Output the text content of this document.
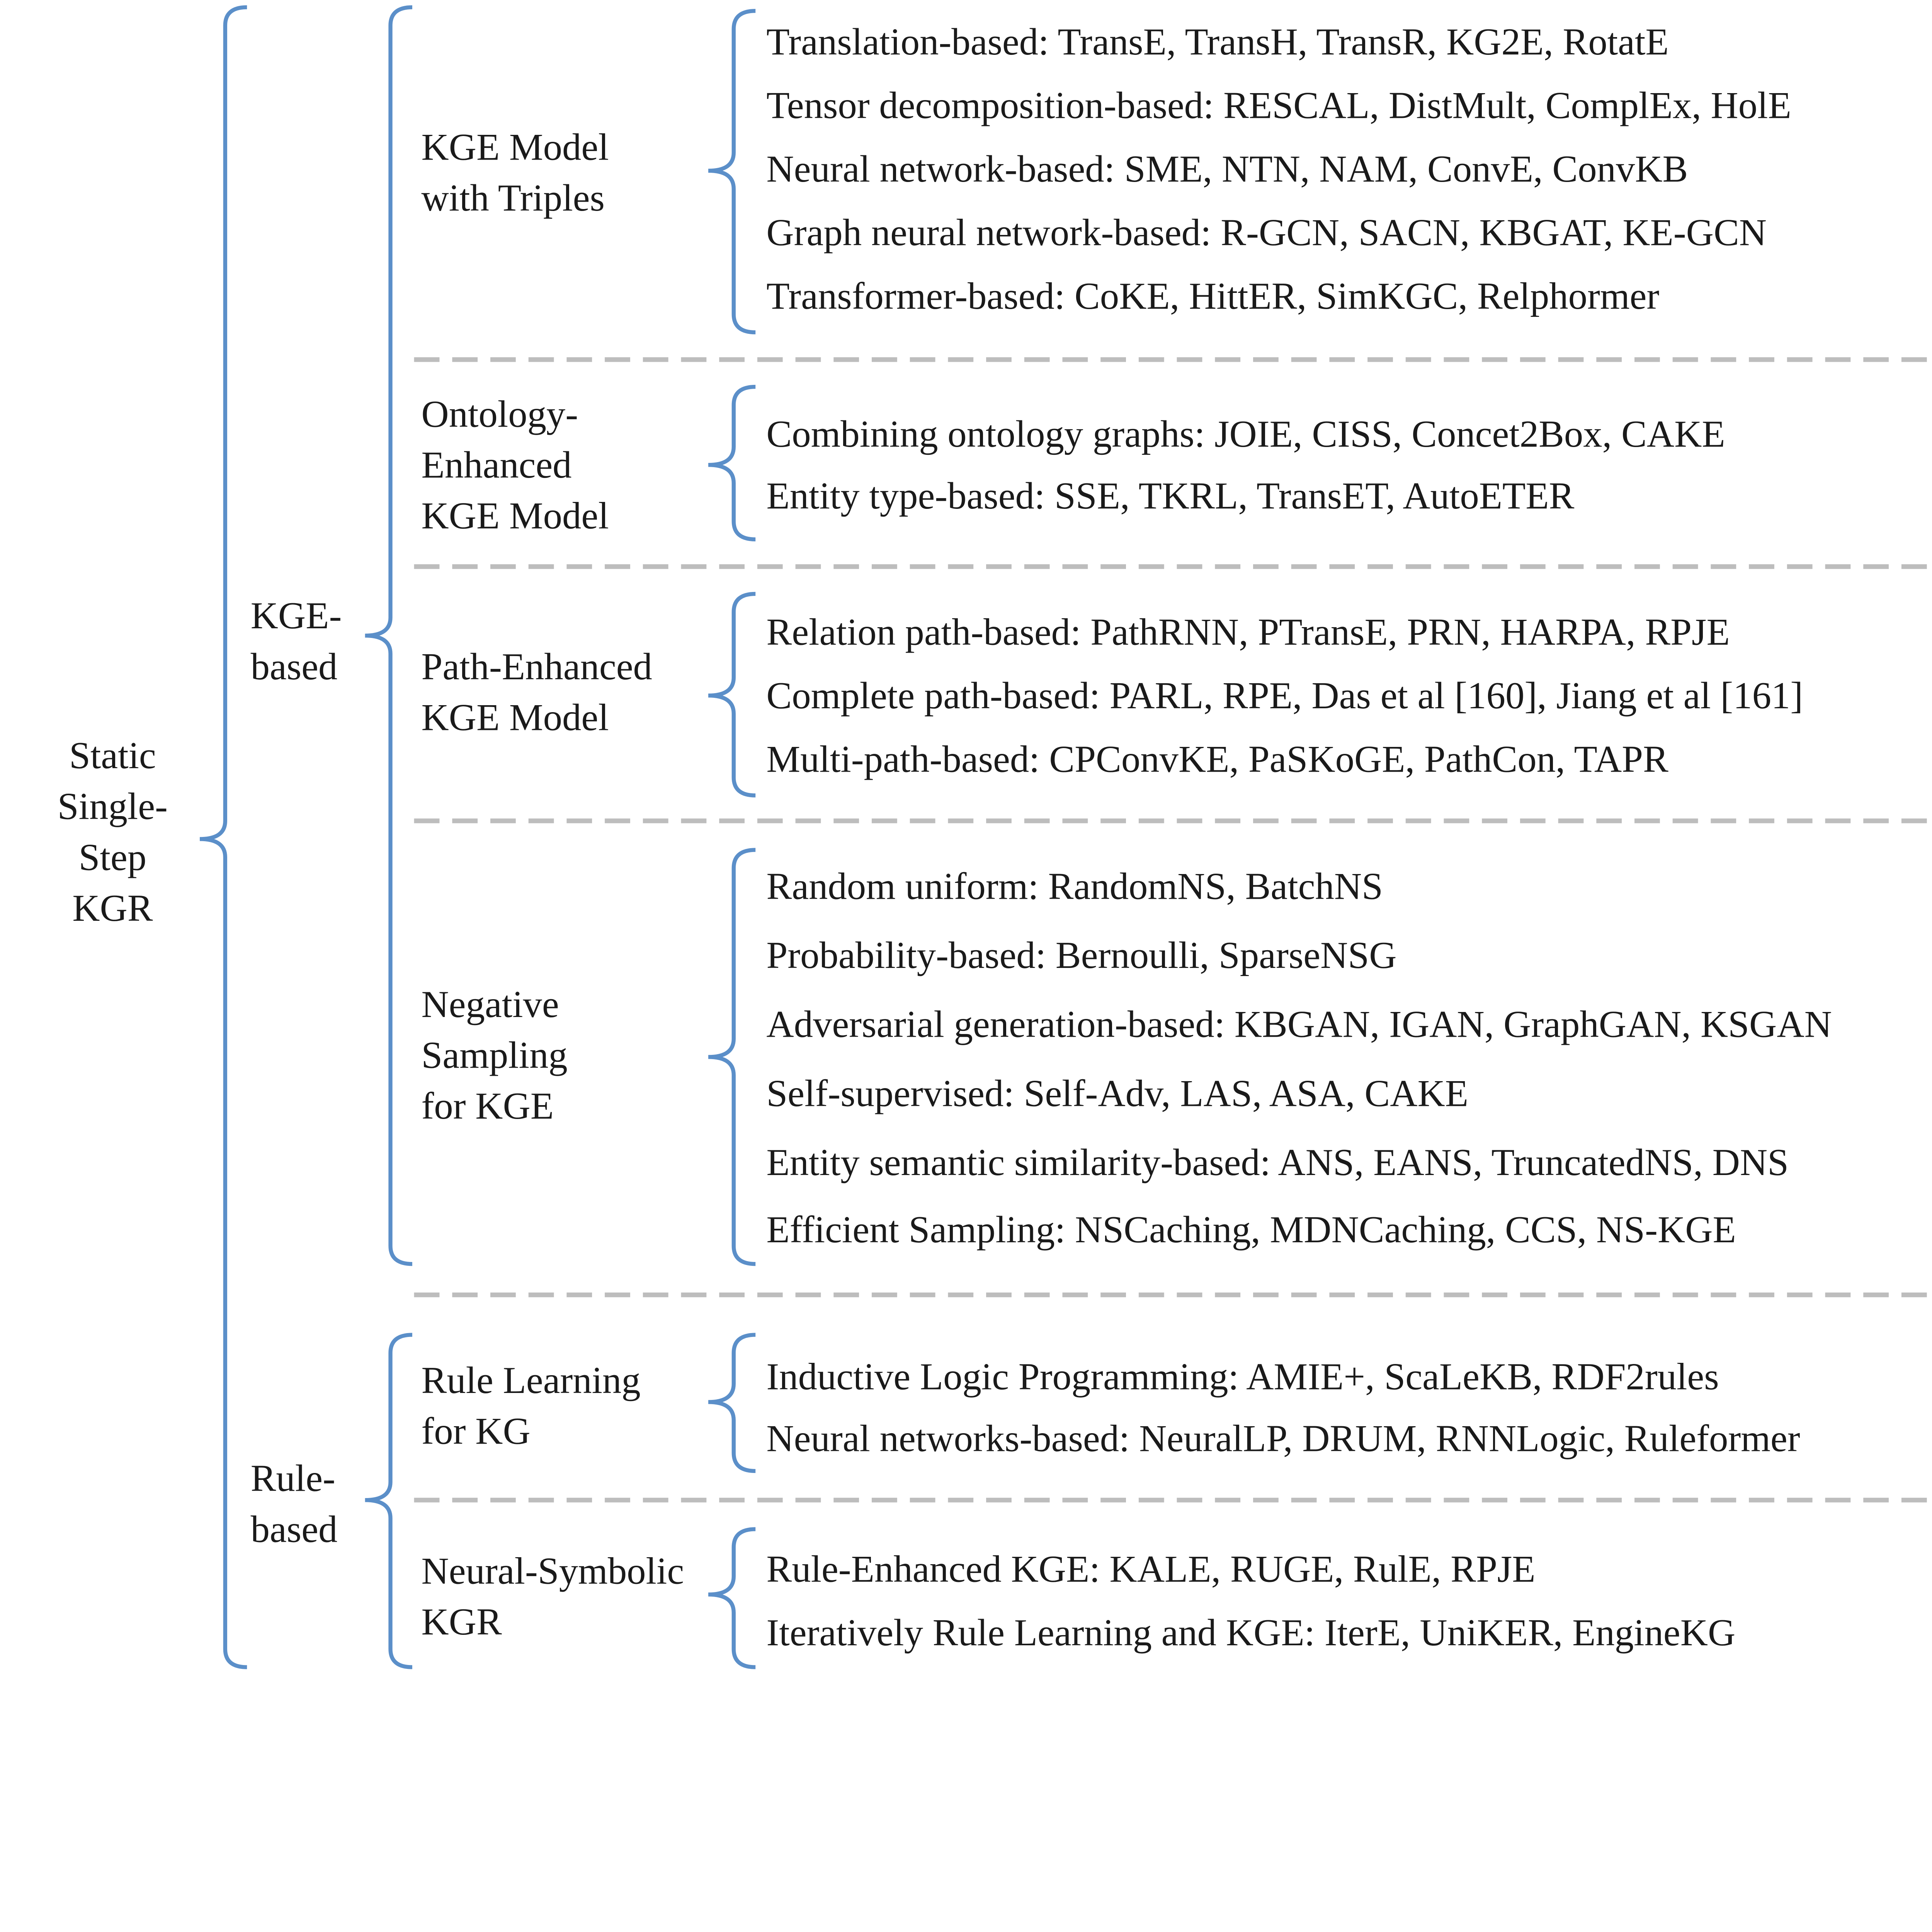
Static
Single-
Step
KGR
KGE-
based
Rule-
based
KGE Model
with Triples
Translation-based: TransE, TransH, TransR, KG2E, RotatE
Tensor decomposition-based: RESCAL, DistMult, ComplEx, HolE
Neural network-based: SME, NTN, NAM, ConvE, ConvKB
Graph neural network-based: R-GCN, SACN, KBGAT, KE-GCN
Transformer-based: CoKE, HittER, SimKGC, Relphormer

Ontology-
Enhanced
KGE Model
Combining ontology graphs: JOIE, CISS, Concet2Box, CAKE
Entity type-based: SSE, TKRL, TransET, AutoETER

Path-Enhanced
KGE Model
Relation path-based: PathRNN, PTransE, PRN, HARPA, RPJE
Complete path-based: PARL, RPE, Das et al [160], Jiang et al [161]
Multi-path-based: CPConvKE, PaSKoGE, PathCon, TAPR

Negative
Sampling
for KGE
Random uniform: RandomNS, BatchNS
Probability-based: Bernoulli, SparseNSG
Adversarial generation-based: KBGAN, IGAN, GraphGAN, KSGAN
Self-supervised: Self-Adv, LAS, ASA, CAKE
Entity semantic similarity-based: ANS, EANS, TruncatedNS, DNS
Efficient Sampling: NSCaching, MDNCaching, CCS, NS-KGE

Rule Learning
for KG
Inductive Logic Programming: AMIE+, ScaLeKB, RDF2rules
Neural networks-based: NeuralLP, DRUM, RNNLogic, Ruleformer

Neural-Symbolic
KGR
Rule-Enhanced KGE: KALE, RUGE, RulE, RPJE
Iteratively Rule Learning and KGE: IterE, UniKER, EngineKG
